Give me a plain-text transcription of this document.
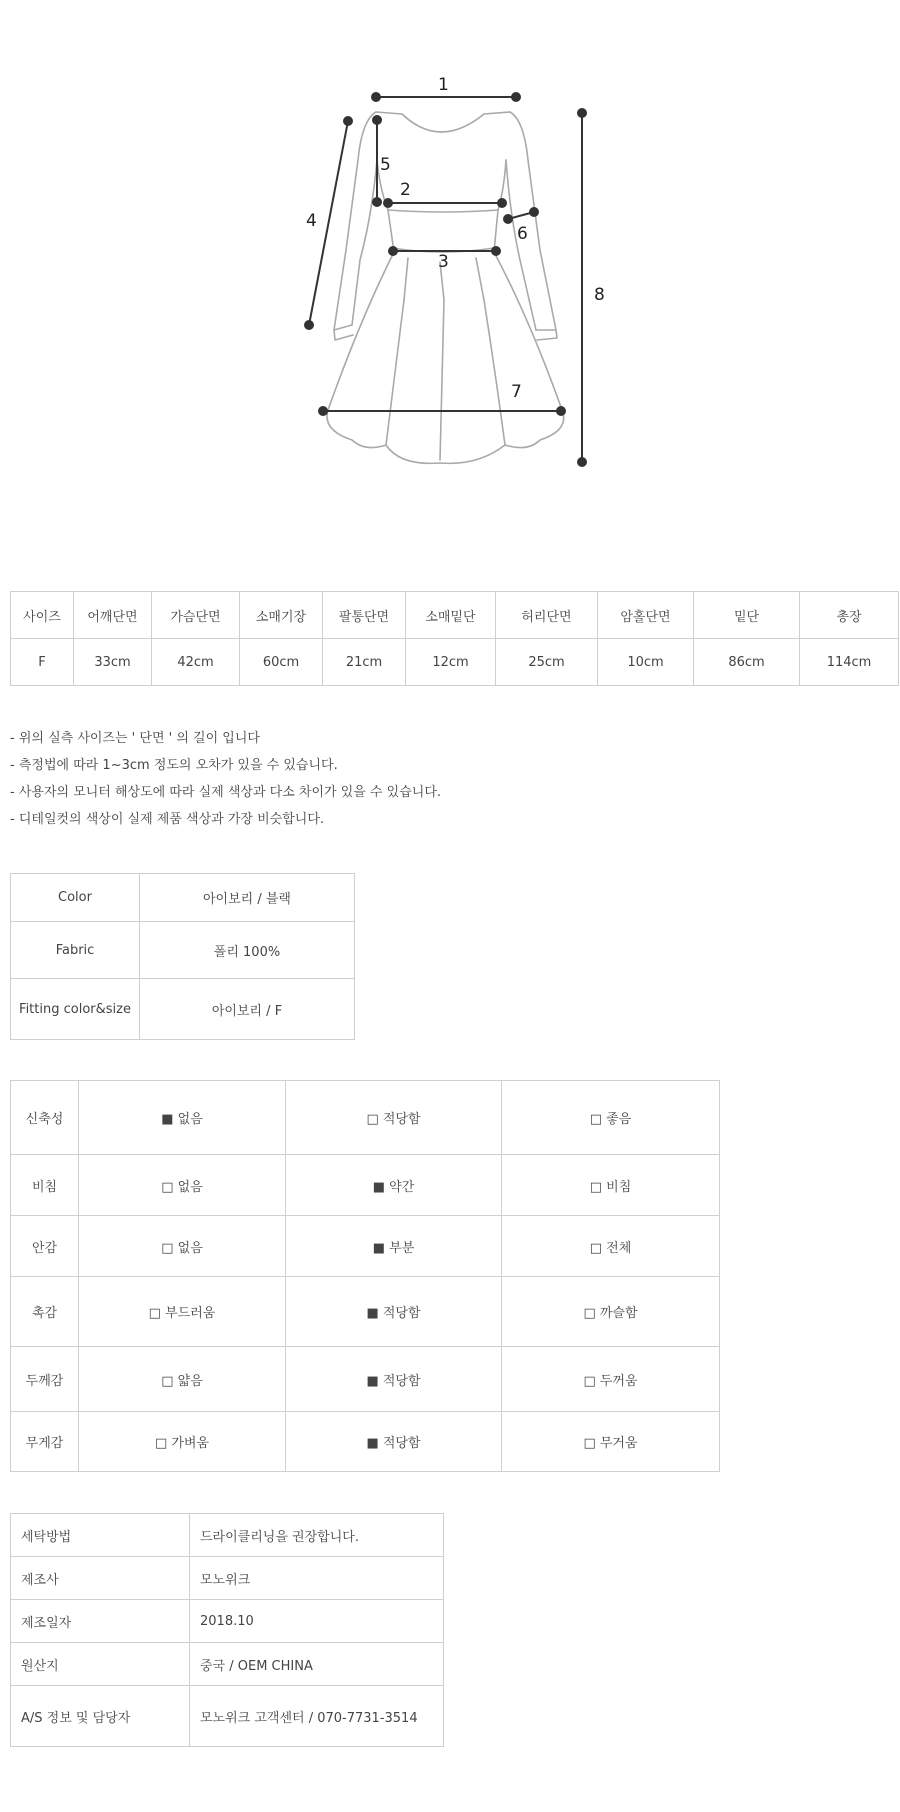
1
2
3
4
5
6
7
8
사이즈	어깨단면	가슴단면	소매기장	팔통단면	소매밑단	허리단면	암홀단면	밑단	총장
F	33cm	42cm	60cm	21cm	12cm	25cm	10cm	86cm	114cm
- 위의 실측 사이즈는 ' 단면 ' 의 길이 입니다
- 측정법에 따라 1~3cm 정도의 오차가 있을 수 있습니다.
- 사용자의 모니터 해상도에 따라 실제 색상과 다소 차이가 있을 수 있습니다.
- 디테일컷의 색상이 실제 제품 색상과 가장 비슷합니다.
Color	아이보리 / 블랙
Fabric	폴리 100%
Fitting color&size	아이보리 / F
신축성	■ 없음	□ 적당함	□ 좋음
비침	□ 없음	■ 약간	□ 비침
안감	□ 없음	■ 부분	□ 전체
촉감	□ 부드러움	■ 적당함	□ 까슬함
두께감	□ 얇음	■ 적당함	□ 두꺼움
무게감	□ 가벼움	■ 적당함	□ 무거움
세탁방법	드라이클리닝을 권장합니다.
제조사	모노위크
제조일자	2018.10
원산지	중국 / OEM CHINA
A/S 정보 및 담당자	모노위크 고객센터 / 070-7731-3514
